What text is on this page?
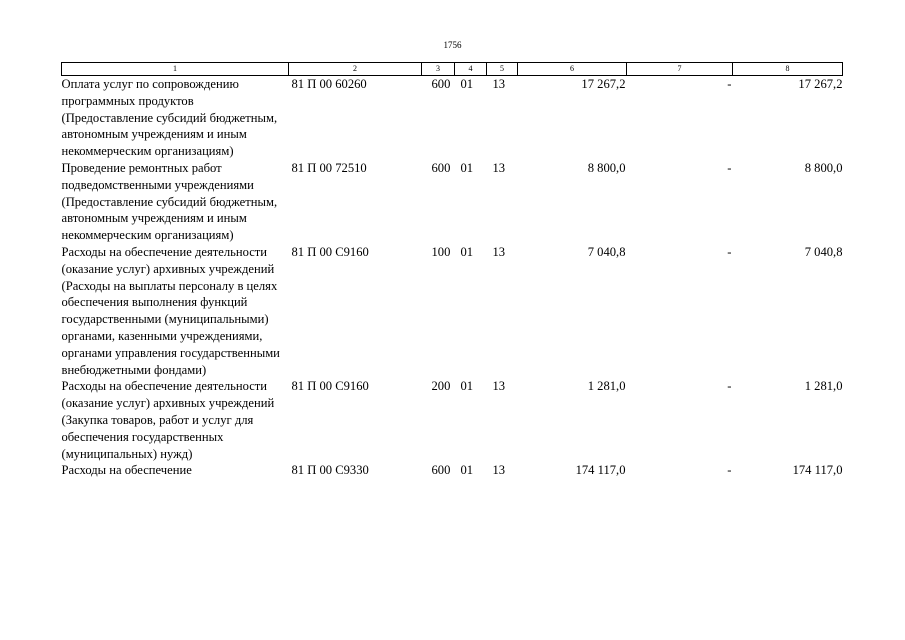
1756
1	2	3	4	5	6	7	8
Оплата услуг по сопровождению программных продуктов (Предоставление субсидий бюджетным, автономным учреждениям и иным некоммерческим организациям)	81 П 00 60260	600	01	13	17 267,2	-	17 267,2
Проведение ремонтных работ подведомственными учреждениями (Предоставление субсидий бюджетным, автономным учреждениям и иным некоммерческим организациям)	81 П 00 72510	600	01	13	8 800,0	-	8 800,0
Расходы на обеспечение деятельности (оказание услуг) архивных учреждений (Расходы на выплаты персоналу в целях обеспечения выполнения функций государственными (муниципальными) органами, казенными учреждениями, органами управления государственными внебюджетными фондами)	81 П 00 С9160	100	01	13	7 040,8	-	7 040,8
Расходы на обеспечение деятельности (оказание услуг) архивных учреждений (Закупка товаров, работ и услуг для обеспечения государственных (муниципальных) нужд)	81 П 00 С9160	200	01	13	1 281,0	-	1 281,0
Расходы на обеспечение	81 П 00 С9330	600	01	13	174 117,0	-	174 117,0
